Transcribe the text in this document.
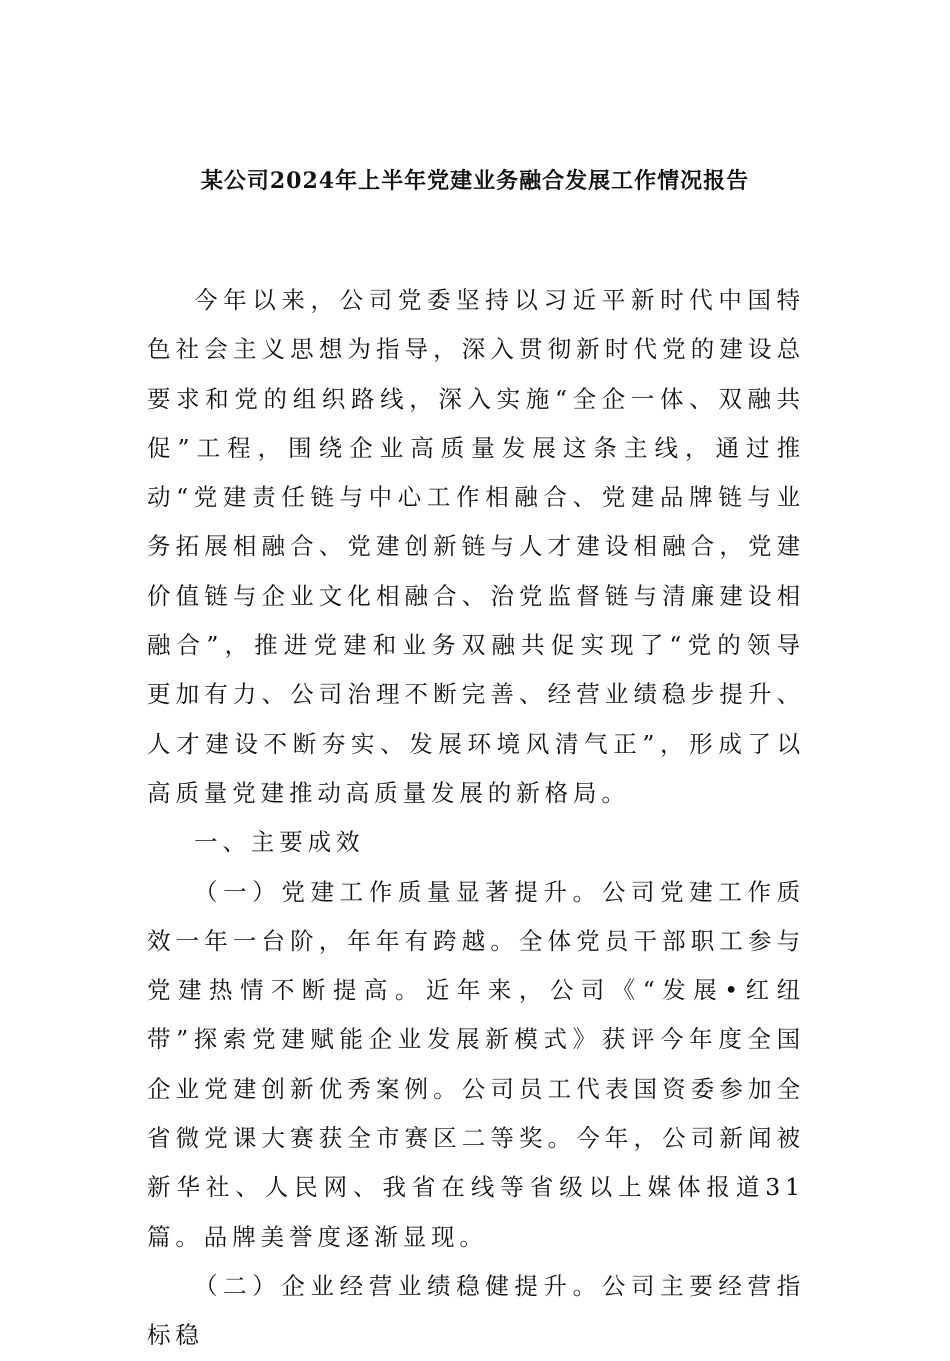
某公司2024年上半年党建业务融合发展工作情况报告

今年以来，公司党委坚持以习近平新时代中国特色社会主义思想为指导，深入贯彻新时代党的建设总要求和党的组织路线，深入实施“全企一体、双融共促”工程，围绕企业高质量发展这条主线，通过推动“党建责任链与中心工作相融合、党建品牌链与业务拓展相融合、党建创新链与人才建设相融合，党建价值链与企业文化相融合、治党监督链与清廉建设相融合”，推进党建和业务双融共促实现了“党的领导更加有力、公司治理不断完善、经营业绩稳步提升、人才建设不断夯实、发展环境风清气正”，形成了以高质量党建推动高质量发展的新格局。

一、主要成效

（一）党建工作质量显著提升。公司党建工作质效一年一台阶，年年有跨越。全体党员干部职工参与党建热情不断提高。近年来，公司《“发展•红纽带”探索党建赋能企业发展新模式》获评今年度全国企业党建创新优秀案例。公司员工代表国资委参加全省微党课大赛获全市赛区二等奖。今年，公司新闻被新华社、人民网、我省在线等省级以上媒体报道31篇。品牌美誉度逐渐显现。

（二）企业经营业绩稳健提升。公司主要经营指标稳
